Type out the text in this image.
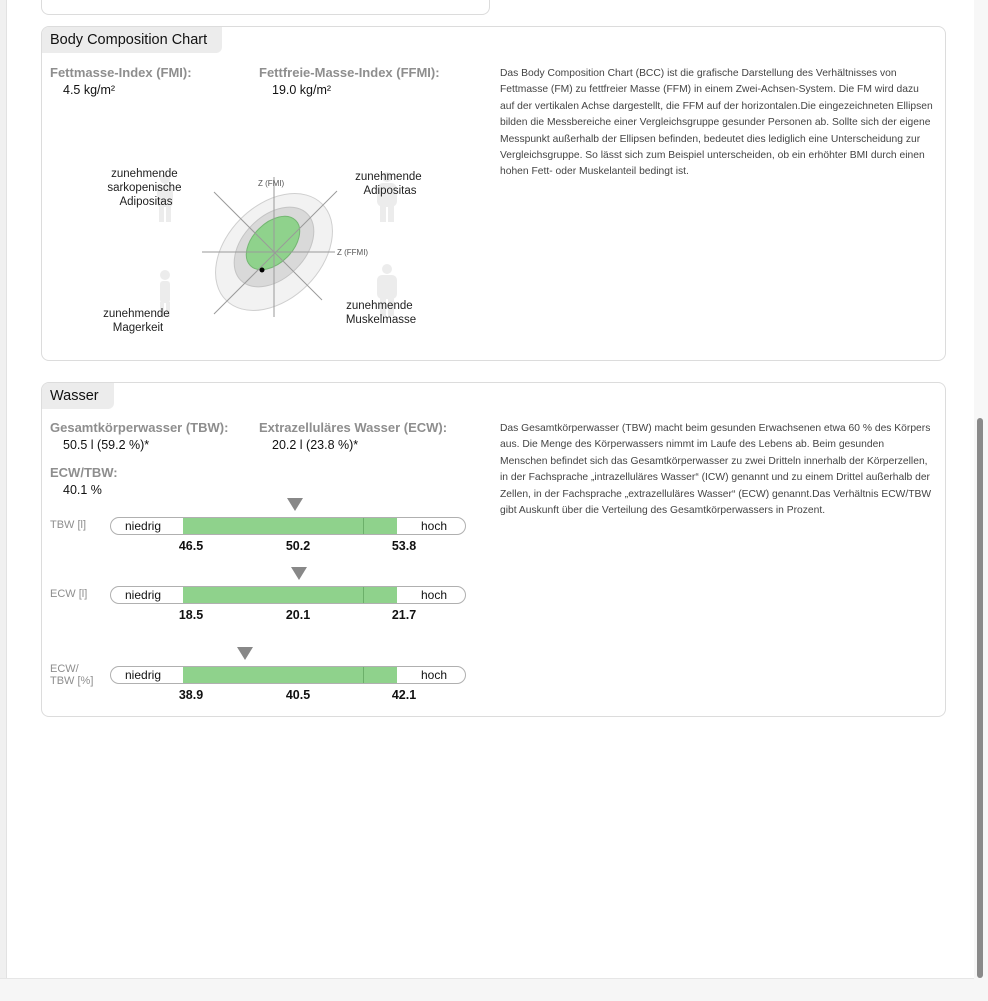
Body Composition Chart
Fettmasse-Index (FMI):
4.5 kg/m²
Fettfreie-Masse-Index (FFMI):
19.0 kg/m²
Z (FMI)
Z (FFMI)
zunehmende sarkopenische Adipositas
zunehmende Adipositas
zunehmende Magerkeit
zunehmende Muskelmasse

Das Body Composition Chart (BCC) ist die grafische Darstellung des Verhältnisses von Fettmasse (FM) zu fettfreier Masse (FFM) in einem Zwei-Achsen-System. Die FM wird dazu auf der vertikalen Achse dargestellt, die FFM auf der horizontalen.Die eingezeichneten Ellipsen bilden die Messbereiche einer Vergleichsgruppe gesunder Personen ab. Sollte sich der eigene Messpunkt außerhalb der Ellipsen befinden, bedeutet dies lediglich eine Unterscheidung zur Vergleichsgruppe. So lässt sich zum Beispiel unterscheiden, ob ein erhöhter BMI durch einen hohen Fett- oder Muskelanteil bedingt ist.

Wasser
Gesamtkörperwasser (TBW):
50.5 l (59.2 %)*
Extrazelluläres Wasser (ECW):
20.2 l (23.8 %)*
ECW/TBW:
40.1 %
TBW [l]	niedrig	hoch
46.5	50.2	53.8
ECW [l]	niedrig	hoch
18.5	20.1	21.7
ECW/
TBW [%]	niedrig	hoch
38.9	40.5	42.1

Das Gesamtkörperwasser (TBW) macht beim gesunden Erwachsenen etwa 60 % des Körpers aus. Die Menge des Körperwassers nimmt im Laufe des Lebens ab. Beim gesunden Menschen befindet sich das Gesamtkörperwasser zu zwei Dritteln innerhalb der Körperzellen, in der Fachsprache „intrazelluläres Wasser“ (ICW) genannt und zu einem Drittel außerhalb der Zellen, in der Fachsprache „extrazelluläres Wasser“ (ECW) genannt.Das Verhältnis ECW/TBW gibt Auskunft über die Verteilung des Gesamtkörperwassers in Prozent.
